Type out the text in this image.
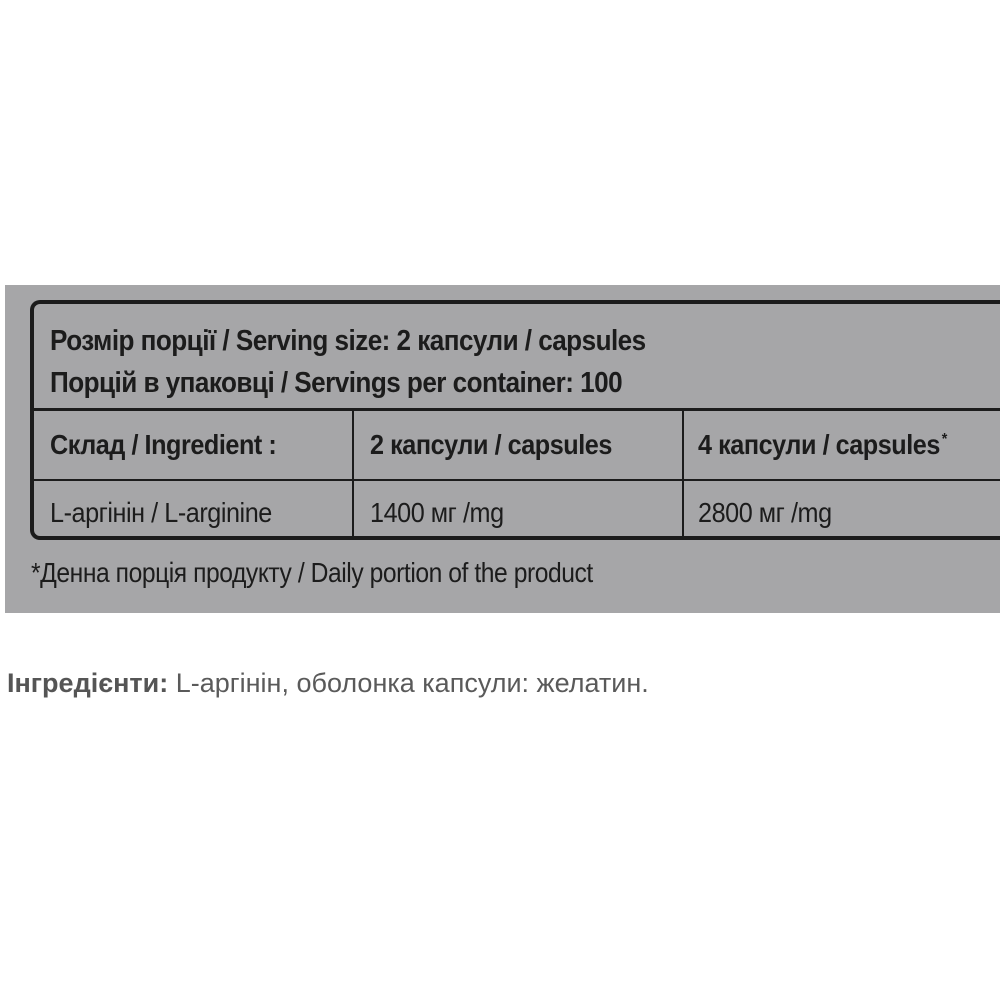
Розмір порції / Serving size: 2 капсули / capsules
Порцій в упаковці / Servings per container: 100
Склад / Ingredient :	2 капсули / capsules	4 капсули / capsules *
L-аргінін / L-arginine	1400 мг /mg	2800 мг /mg
*Денна порція продукту / Daily portion of the product
Інгредієнти: L-аргінін, оболонка капсули: желатин.
